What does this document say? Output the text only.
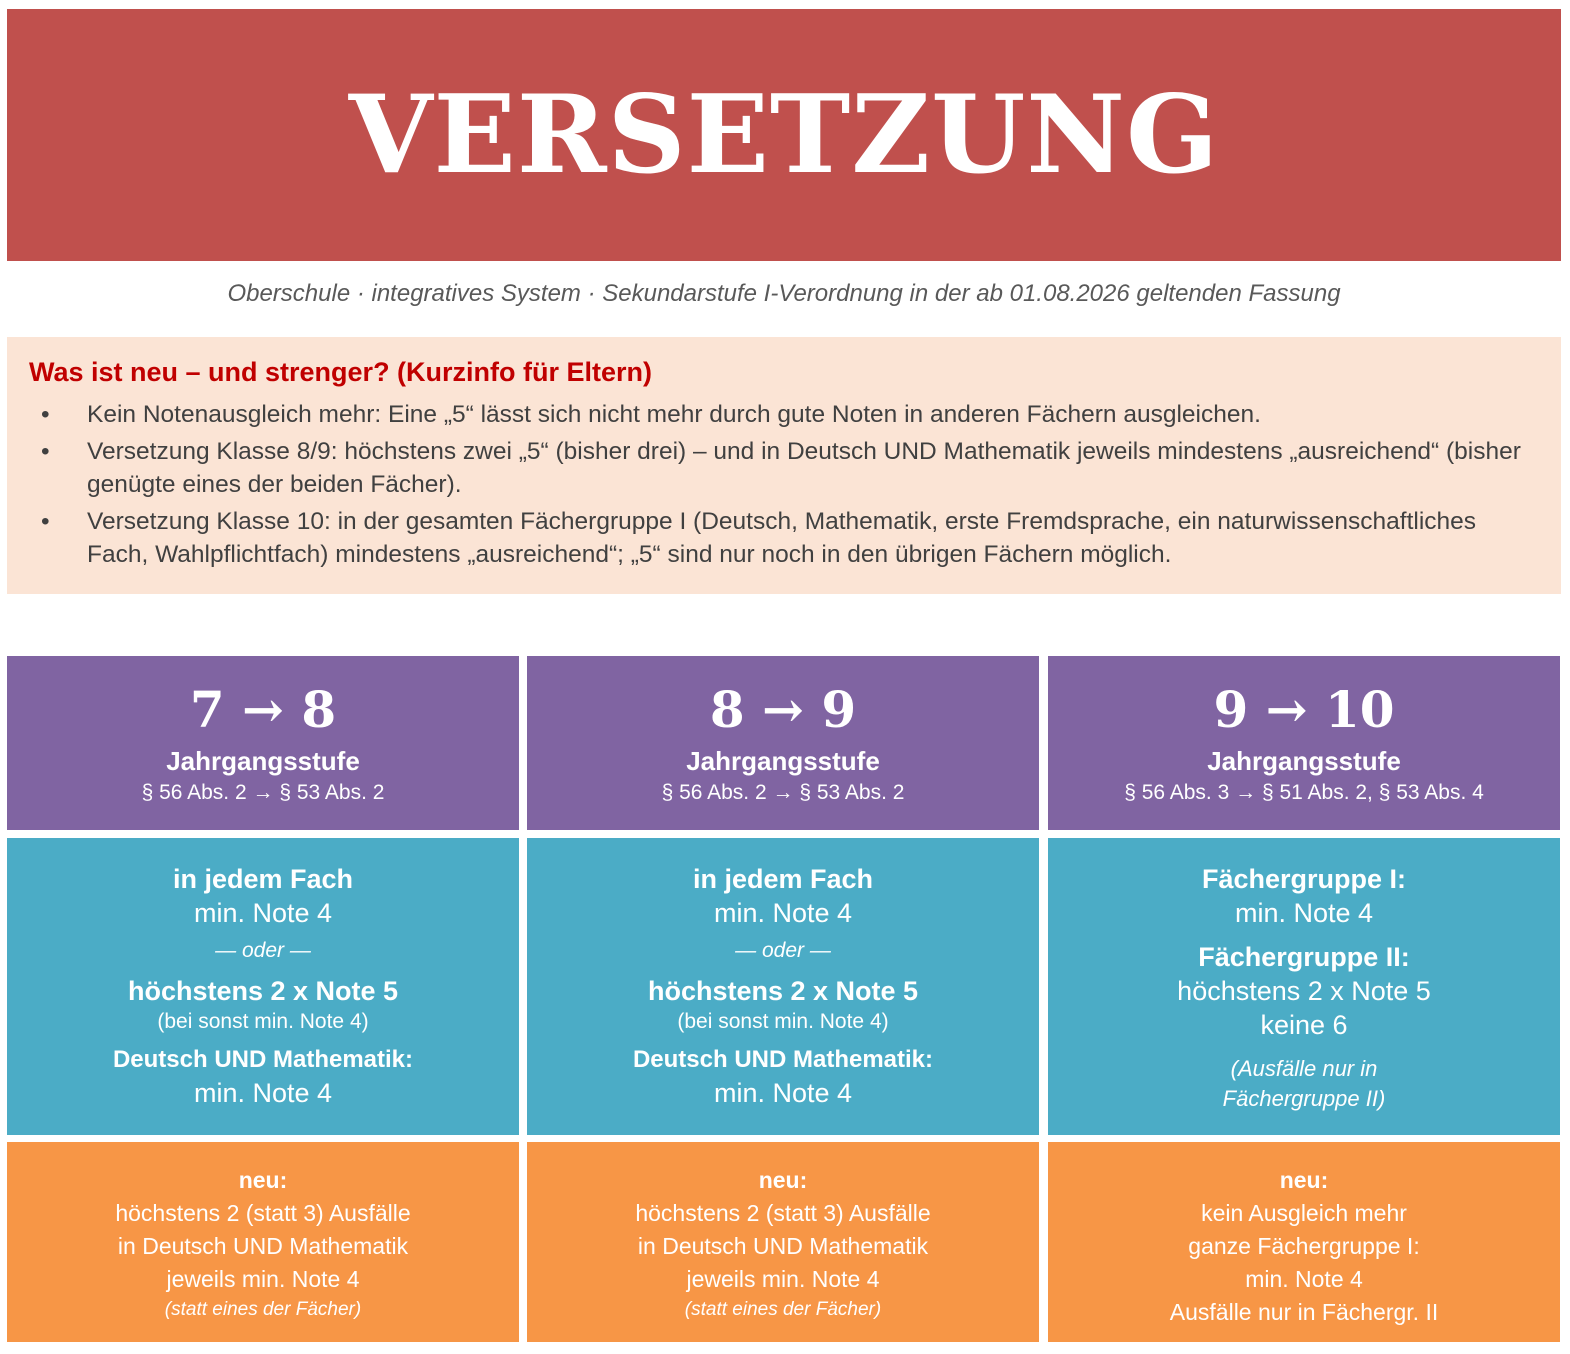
VERSETZUNG
Oberschule · integratives System · Sekundarstufe I-Verordnung in der ab 01.08.2026 geltenden Fassung
Was ist neu – und strenger? (Kurzinfo für Eltern)
• Kein Notenausgleich mehr: Eine „5“ lässt sich nicht mehr durch gute Noten in anderen Fächern ausgleichen.
• Versetzung Klasse 8/9: höchstens zwei „5“ (bisher drei) – und in Deutsch UND Mathematik jeweils mindestens „ausreichend“ (bisher genügte eines der beiden Fächer).
• Versetzung Klasse 10: in der gesamten Fächergruppe I (Deutsch, Mathematik, erste Fremdsprache, ein naturwissenschaftliches Fach, Wahlpflichtfach) mindestens „ausreichend“; „5“ sind nur noch in den übrigen Fächern möglich.
7 → 8
Jahrgangsstufe
§ 56 Abs. 2 → § 53 Abs. 2
in jedem Fach
min. Note 4
— oder —
höchstens 2 x Note 5
(bei sonst min. Note 4)
Deutsch UND Mathematik:
min. Note 4
neu:
höchstens 2 (statt 3) Ausfälle
in Deutsch UND Mathematik
jeweils min. Note 4
(statt eines der Fächer)
8 → 9
Jahrgangsstufe
§ 56 Abs. 2 → § 53 Abs. 2
in jedem Fach
min. Note 4
— oder —
höchstens 2 x Note 5
(bei sonst min. Note 4)
Deutsch UND Mathematik:
min. Note 4
neu:
höchstens 2 (statt 3) Ausfälle
in Deutsch UND Mathematik
jeweils min. Note 4
(statt eines der Fächer)
9 → 10
Jahrgangsstufe
§ 56 Abs. 3 → § 51 Abs. 2, § 53 Abs. 4
Fächergruppe I:
min. Note 4
Fächergruppe II:
höchstens 2 x Note 5
keine 6
(Ausfälle nur in
Fächergruppe II)
neu:
kein Ausgleich mehr
ganze Fächergruppe I:
min. Note 4
Ausfälle nur in Fächergr. II
